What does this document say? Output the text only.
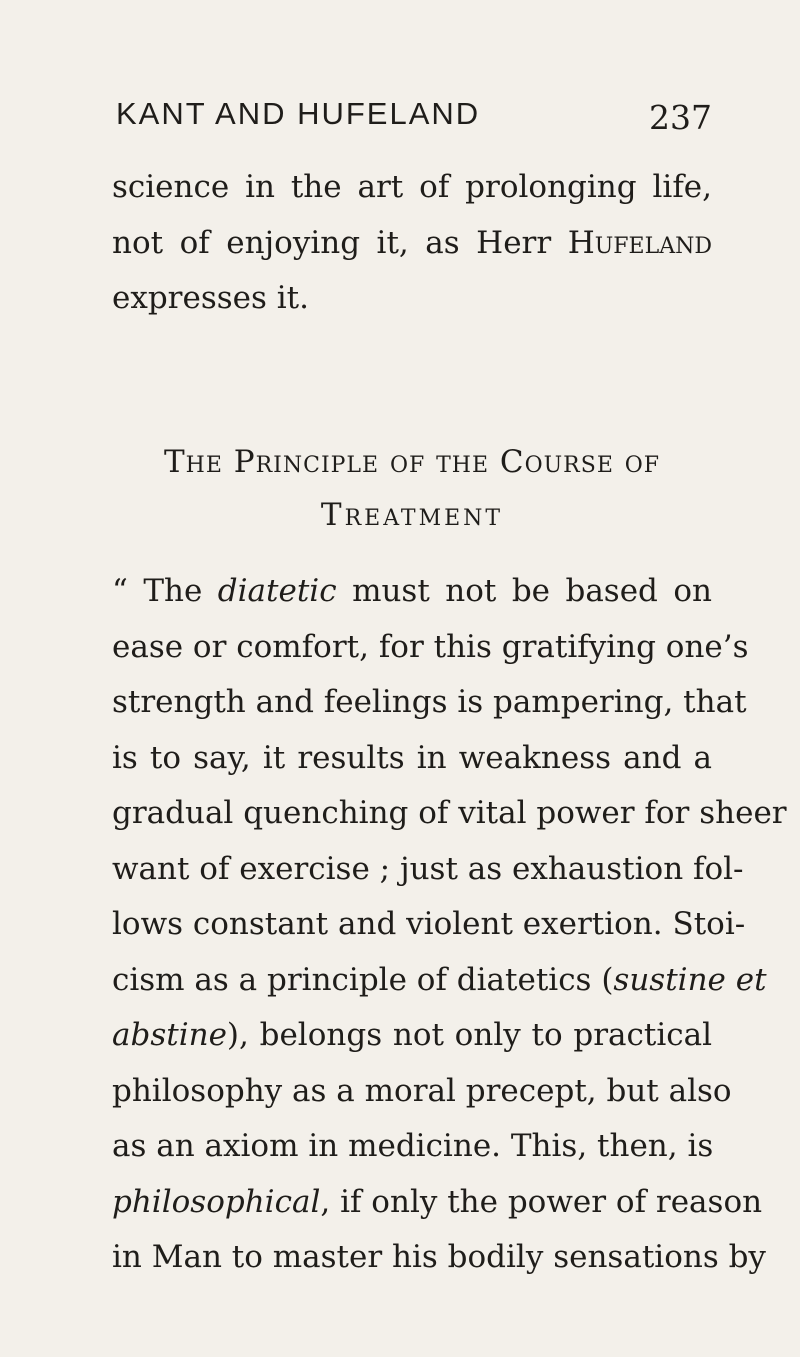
KANT AND HUFELAND	237
science in the art of prolonging life,
not of enjoying it, as Herr Hufeland
expresses it.
The Principle of the Course of
Treatment
“ The diatetic must not be based on
ease or comfort, for this gratifying one’s
strength and feelings is pampering, that
is to say, it results in weakness and a
gradual quenching of vital power for sheer
want of exercise ; just as exhaustion fol-
lows constant and violent exertion. Stoi-
cism as a principle of diatetics (sustine et
abstine), belongs not only to practical
philosophy as a moral precept, but also
as an axiom in medicine. This, then, is
philosophical, if only the power of reason
in Man to master his bodily sensations by
